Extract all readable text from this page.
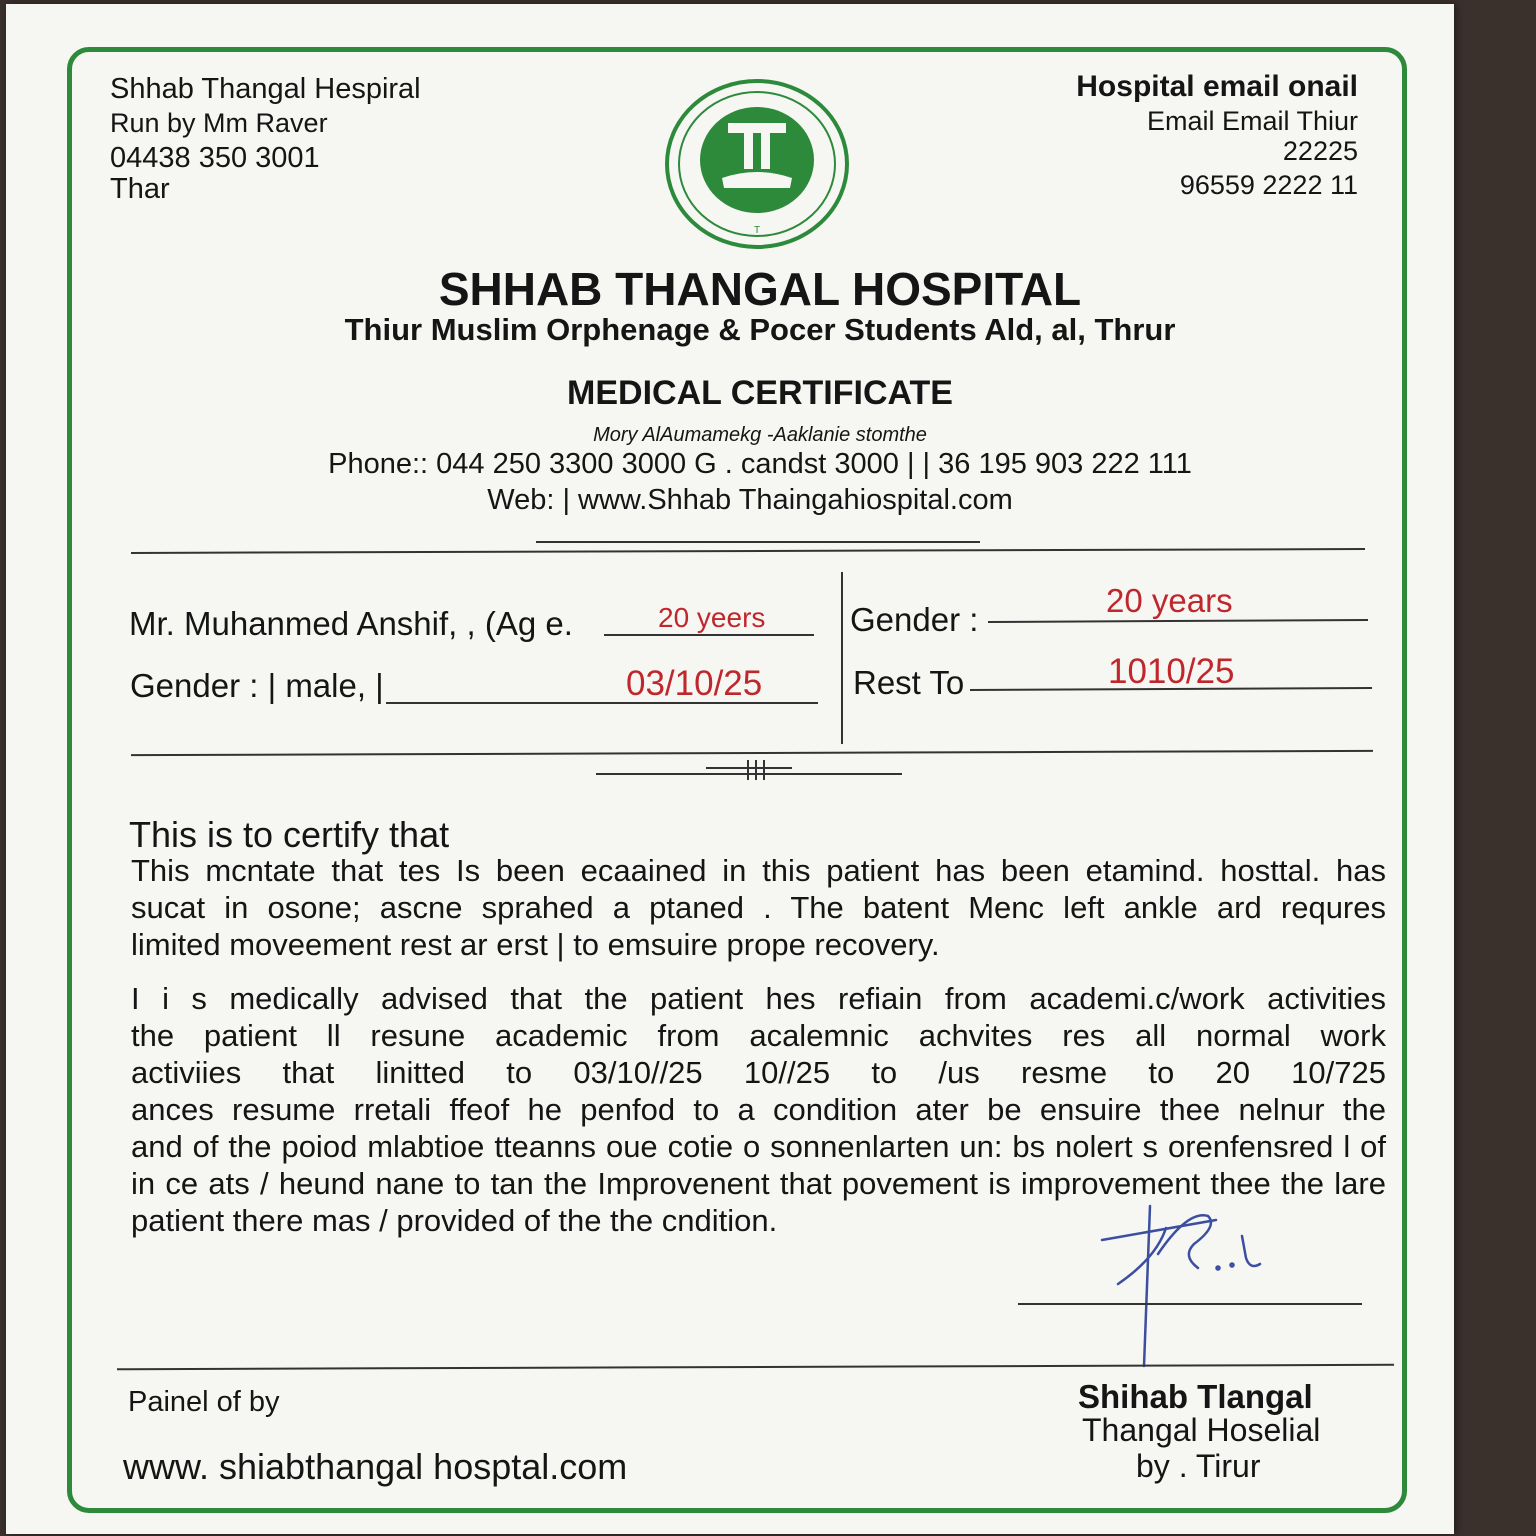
Shhab Thangal Hespiral
Run by Mm Raver
04438 350 3001
Thar
Hospital email onail
Email Email Thiur
22225
96559 2222 11
T
SHHAB THANGAL HOSPITAL
Thiur Muslim Orphenage & Pocer Students Ald, al, Thrur
MEDICAL CERTIFICATE
Mory AlAumamekg -Aaklanie stomthe
Phone:: 044 250 3300 3000 G . candst 3000 | | 36 195 903 222 111
Web: | www.Shhab Thaingahiospital.com
Mr. Muhanmed Anshif, , (Ag e.	20 yeers
Gender : | male, |	03/10/25
Gender :
20 years
Rest To	1010/25
This is to certify that

This mcntate that tes Is been ecaained in this patient has been etamind. hosttal. has

sucat in osone; ascne sprahed a ptaned . The batent Menc left ankle ard requres

limited moveement rest ar erst | to emsuire prope recovery.

I i s medically advised that the patient hes refiain from academi.c/work activities

the patient ll resune academic from acalemnic achvites res all normal work

activiies that linitted to 03/10//25 10//25 to /us resme to 20 10/725

ances resume rretali ffeof he penfod to a condition ater be ensuire thee nelnur the

and of the poiod mlabtioe tteanns oue cotie o sonnenlarten un: bs nolert s orenfensred l of

in ce ats / heund nane to tan the Improvenent that povement is improvement thee the lare

patient there mas / provided of the the cndition.

Painel of by
www. shiabthangal hosptal.com
Shihab Tlangal
Thangal Hoselial
by . Tirur
